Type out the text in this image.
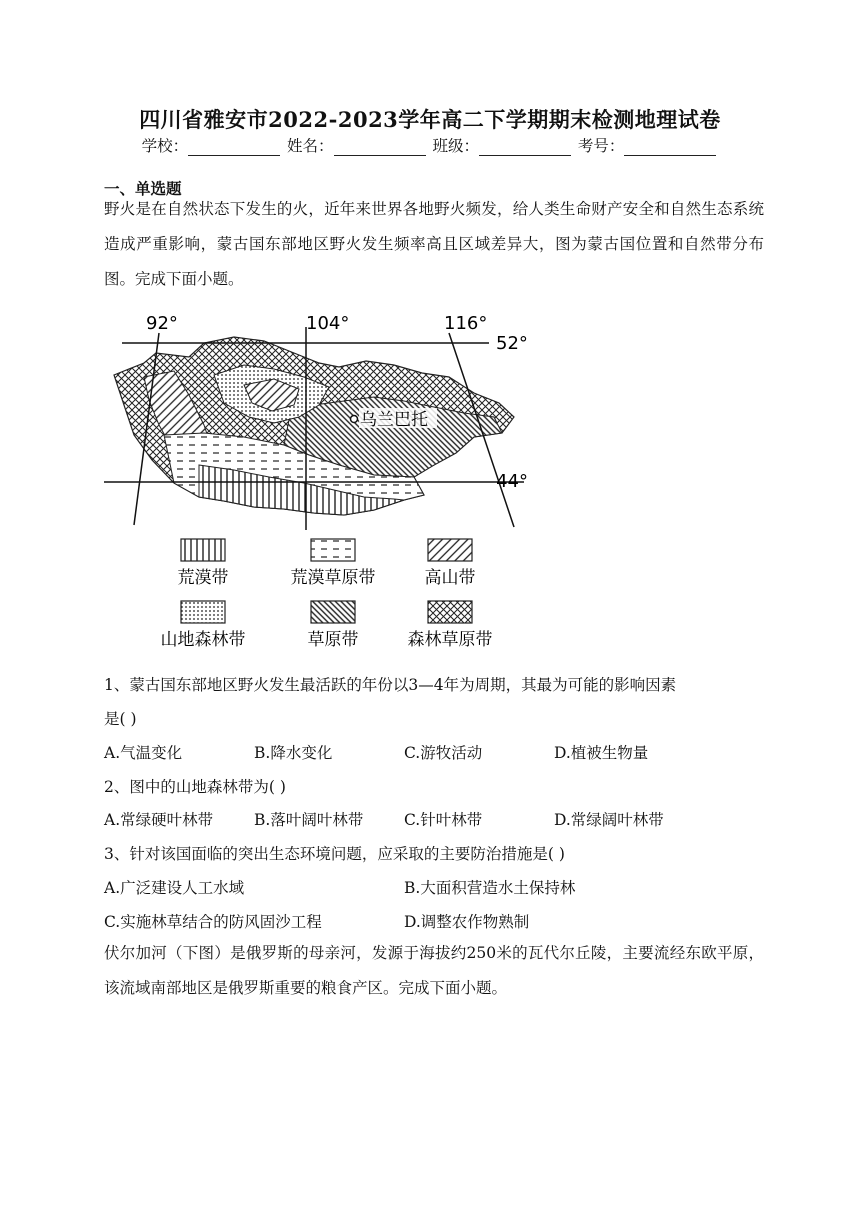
四川省雅安市2022-2023学年高二下学期期末检测地理试卷
学校：	姓名：	班级：	考号：
一、单选题
野火是在自然状态下发生的火，近年来世界各地野火频发，给人类生命财产安全和自然生态系统造成严重影响，蒙古国东部地区野火发生频率高且区域差异大，图为蒙古国位置和自然带分布图。完成下面小题。
92°	104°	116°
52°
44°
乌兰巴托
荒漠带	荒漠草原带	高山带
山地森林带	草原带	森林草原带
1、蒙古国东部地区野火发生最活跃的年份以3—4年为周期，其最为可能的影响因素
是( )
A.气温变化	B.降水变化	C.游牧活动	D.植被生物量
2、图中的山地森林带为( )
A.常绿硬叶林带	B.落叶阔叶林带	C.针叶林带	D.常绿阔叶林带
3、针对该国面临的突出生态环境问题，应采取的主要防治措施是( )
A.广泛建设人工水域	B.大面积营造水土保持林
C.实施林草结合的防风固沙工程	D.调整农作物熟制
伏尔加河（下图）是俄罗斯的母亲河，发源于海拔约250米的瓦代尔丘陵，主要流经东欧平原，该流域南部地区是俄罗斯重要的粮食产区。完成下面小题。
